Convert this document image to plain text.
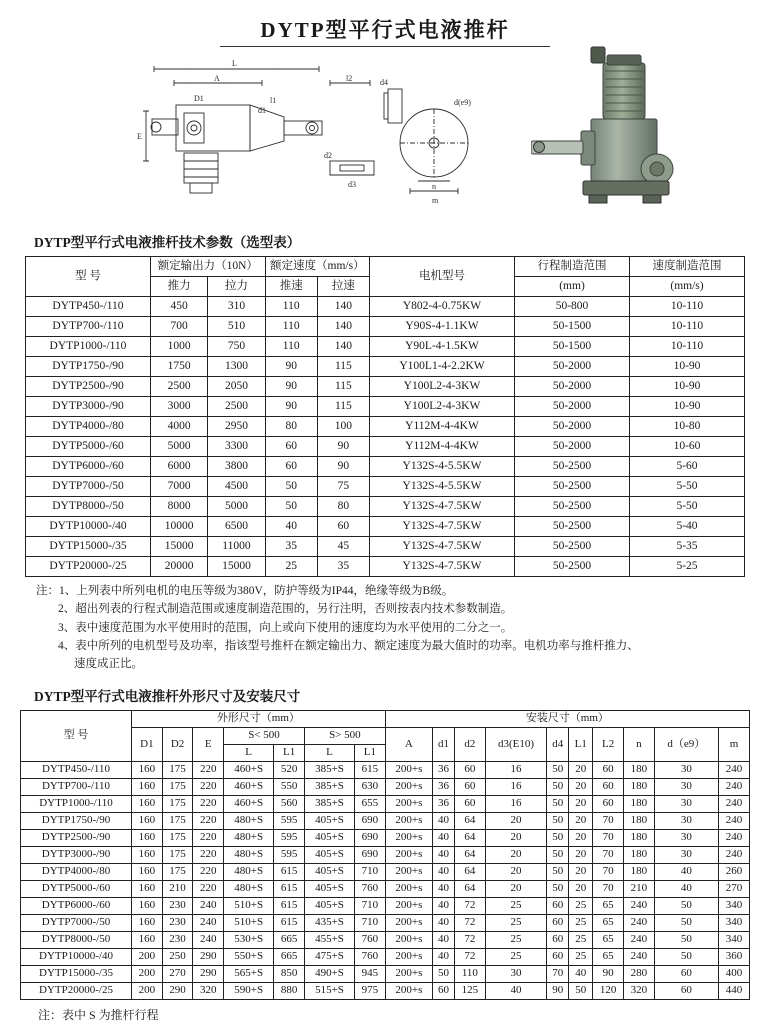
DYTP型平行式电液推杆
L
A
E
d1
l1
D1
l2
d3
d2
m
n
d(e9)
d4
DYTP型平行式电液推杆技术参数（选型表）
型 号	额定输出力（10N）		额定速度（mm/s）		电机型号	行程制造范围	速度制造范围
	推力	拉力	推速	拉速		(mm)	(mm/s)
DYTP450-/110	450	310	110	140	Y802-4-0.75KW	50-800	10-110
DYTP700-/110	700	510	110	140	Y90S-4-1.1KW	50-1500	10-110
DYTP1000-/110	1000	750	110	140	Y90L-4-1.5KW	50-1500	10-110
DYTP1750-/90	1750	1300	90	115	Y100L1-4-2.2KW	50-2000	10-90
DYTP2500-/90	2500	2050	90	115	Y100L2-4-3KW	50-2000	10-90
DYTP3000-/90	3000	2500	90	115	Y100L2-4-3KW	50-2000	10-90
DYTP4000-/80	4000	2950	80	100	Y112M-4-4KW	50-2000	10-80
DYTP5000-/60	5000	3300	60	90	Y112M-4-4KW	50-2000	10-60
DYTP6000-/60	6000	3800	60	90	Y132S-4-5.5KW	50-2500	5-60
DYTP7000-/50	7000	4500	50	75	Y132S-4-5.5KW	50-2500	5-50
DYTP8000-/50	8000	5000	50	80	Y132S-4-7.5KW	50-2500	5-50
DYTP10000-/40	10000	6500	40	60	Y132S-4-7.5KW	50-2500	5-40
DYTP15000-/35	15000	11000	35	45	Y132S-4-7.5KW	50-2500	5-35
DYTP20000-/25	20000	15000	25	35	Y132S-4-7.5KW	50-2500	5-25
注：1、上列表中所列电机的电压等级为380V，防护等级为IP44，绝缘等级为B级。
2、超出列表的行程式制造范围或速度制造范围的，另行注明，否则按表内技术参数制造。
3、表中速度范围为水平使用时的范围，向上或向下使用的速度均为水平使用的二分之一。
4、表中所列的电机型号及功率，指该型号推杆在额定输出力、额定速度为最大值时的功率。电机功率与推杆推力、
速度成正比。
DYTP型平行式电液推杆外形尺寸及安装尺寸
型 号	外形尺寸（mm）							安装尺寸（mm）									
	D1	D2	E	S< 500		S> 500		A	d1	d2	d3(E10)	d4	L1	L2	n	d（e9）	m
				L	L1	L	L1										
DYTP450-/110	160	175	220	460+S	520	385+S	615	200+s	36	60	16	50	20	60	180	30	240
DYTP700-/110	160	175	220	460+S	550	385+S	630	200+s	36	60	16	50	20	60	180	30	240
DYTP1000-/110	160	175	220	460+S	560	385+S	655	200+s	36	60	16	50	20	60	180	30	240
DYTP1750-/90	160	175	220	480+S	595	405+S	690	200+s	40	64	20	50	20	70	180	30	240
DYTP2500-/90	160	175	220	480+S	595	405+S	690	200+s	40	64	20	50	20	70	180	30	240
DYTP3000-/90	160	175	220	480+S	595	405+S	690	200+s	40	64	20	50	20	70	180	30	240
DYTP4000-/80	160	175	220	480+S	615	405+S	710	200+s	40	64	20	50	20	70	180	40	260
DYTP5000-/60	160	210	220	480+S	615	405+S	760	200+s	40	64	20	50	20	70	210	40	270
DYTP6000-/60	160	230	240	510+S	615	405+S	710	200+s	40	72	25	60	25	65	240	50	340
DYTP7000-/50	160	230	240	510+S	615	435+S	710	200+s	40	72	25	60	25	65	240	50	340
DYTP8000-/50	160	230	240	530+S	665	455+S	760	200+s	40	72	25	60	25	65	240	50	340
DYTP10000-/40	200	250	290	550+S	665	475+S	760	200+s	40	72	25	60	25	65	240	50	360
DYTP15000-/35	200	270	290	565+S	850	490+S	945	200+s	50	110	30	70	40	90	280	60	400
DYTP20000-/25	200	290	320	590+S	880	515+S	975	200+s	60	125	40	90	50	120	320	60	440
注：表中 S 为推杆行程
